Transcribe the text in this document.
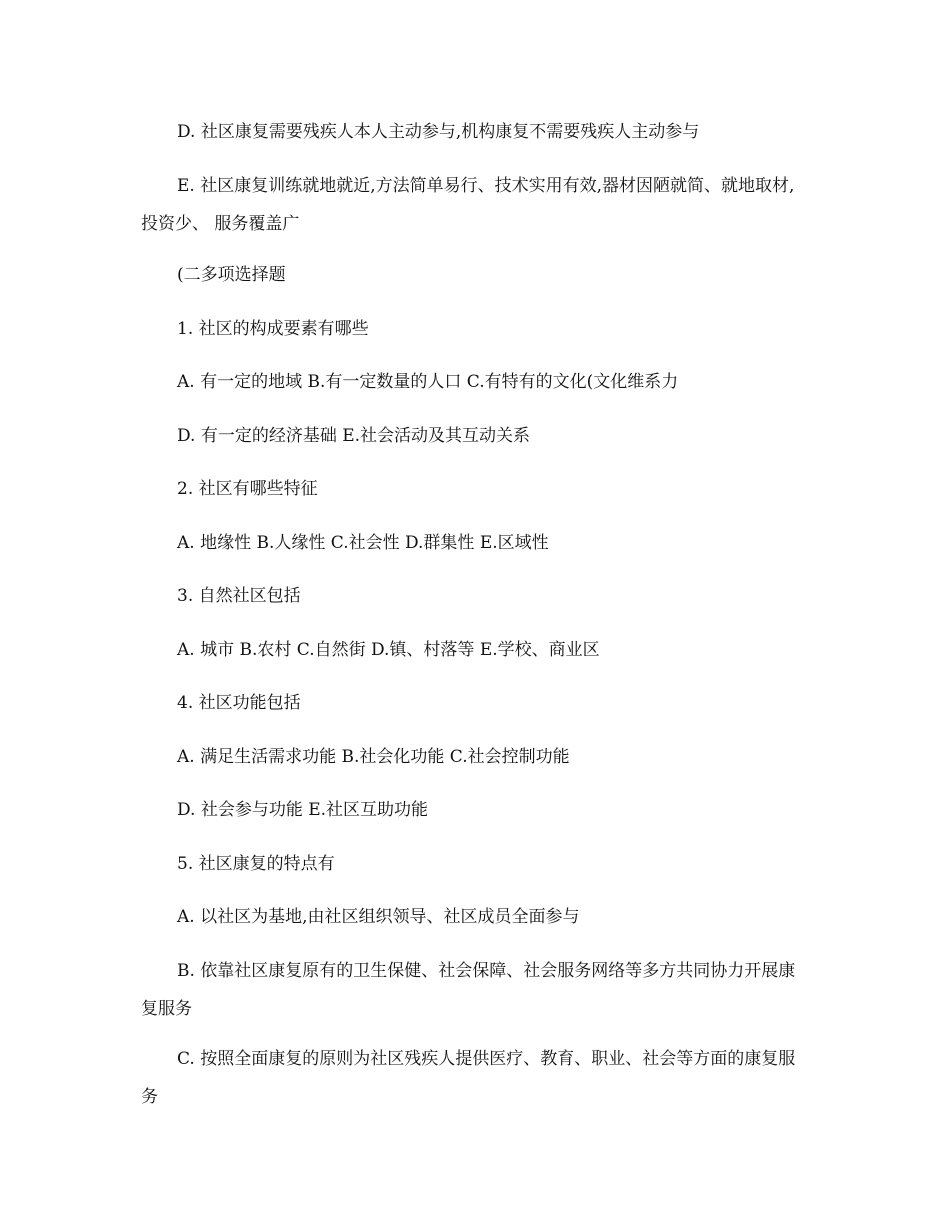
D. 社区康复需要残疾人本人主动参与,机构康复不需要残疾人主动参与

E. 社区康复训练就地就近,方法简单易行、技术实用有效,器材因陋就简、就地取材,投资少、 服务覆盖广

(二多项选择题

1. 社区的构成要素有哪些

A. 有一定的地域 B.有一定数量的人口 C.有特有的文化(文化维系力

D. 有一定的经济基础 E.社会活动及其互动关系

2. 社区有哪些特征

A. 地缘性 B.人缘性 C.社会性 D.群集性 E.区域性

3. 自然社区包括

A. 城市 B.农村 C.自然街 D.镇、村落等 E.学校、商业区

4. 社区功能包括

A. 满足生活需求功能 B.社会化功能 C.社会控制功能

D. 社会参与功能 E.社区互助功能

5. 社区康复的特点有

A. 以社区为基地,由社区组织领导、社区成员全面参与

B. 依靠社区康复原有的卫生保健、社会保障、社会服务网络等多方共同协力开展康复服务

C. 按照全面康复的原则为社区残疾人提供医疗、教育、职业、社会等方面的康复服务
